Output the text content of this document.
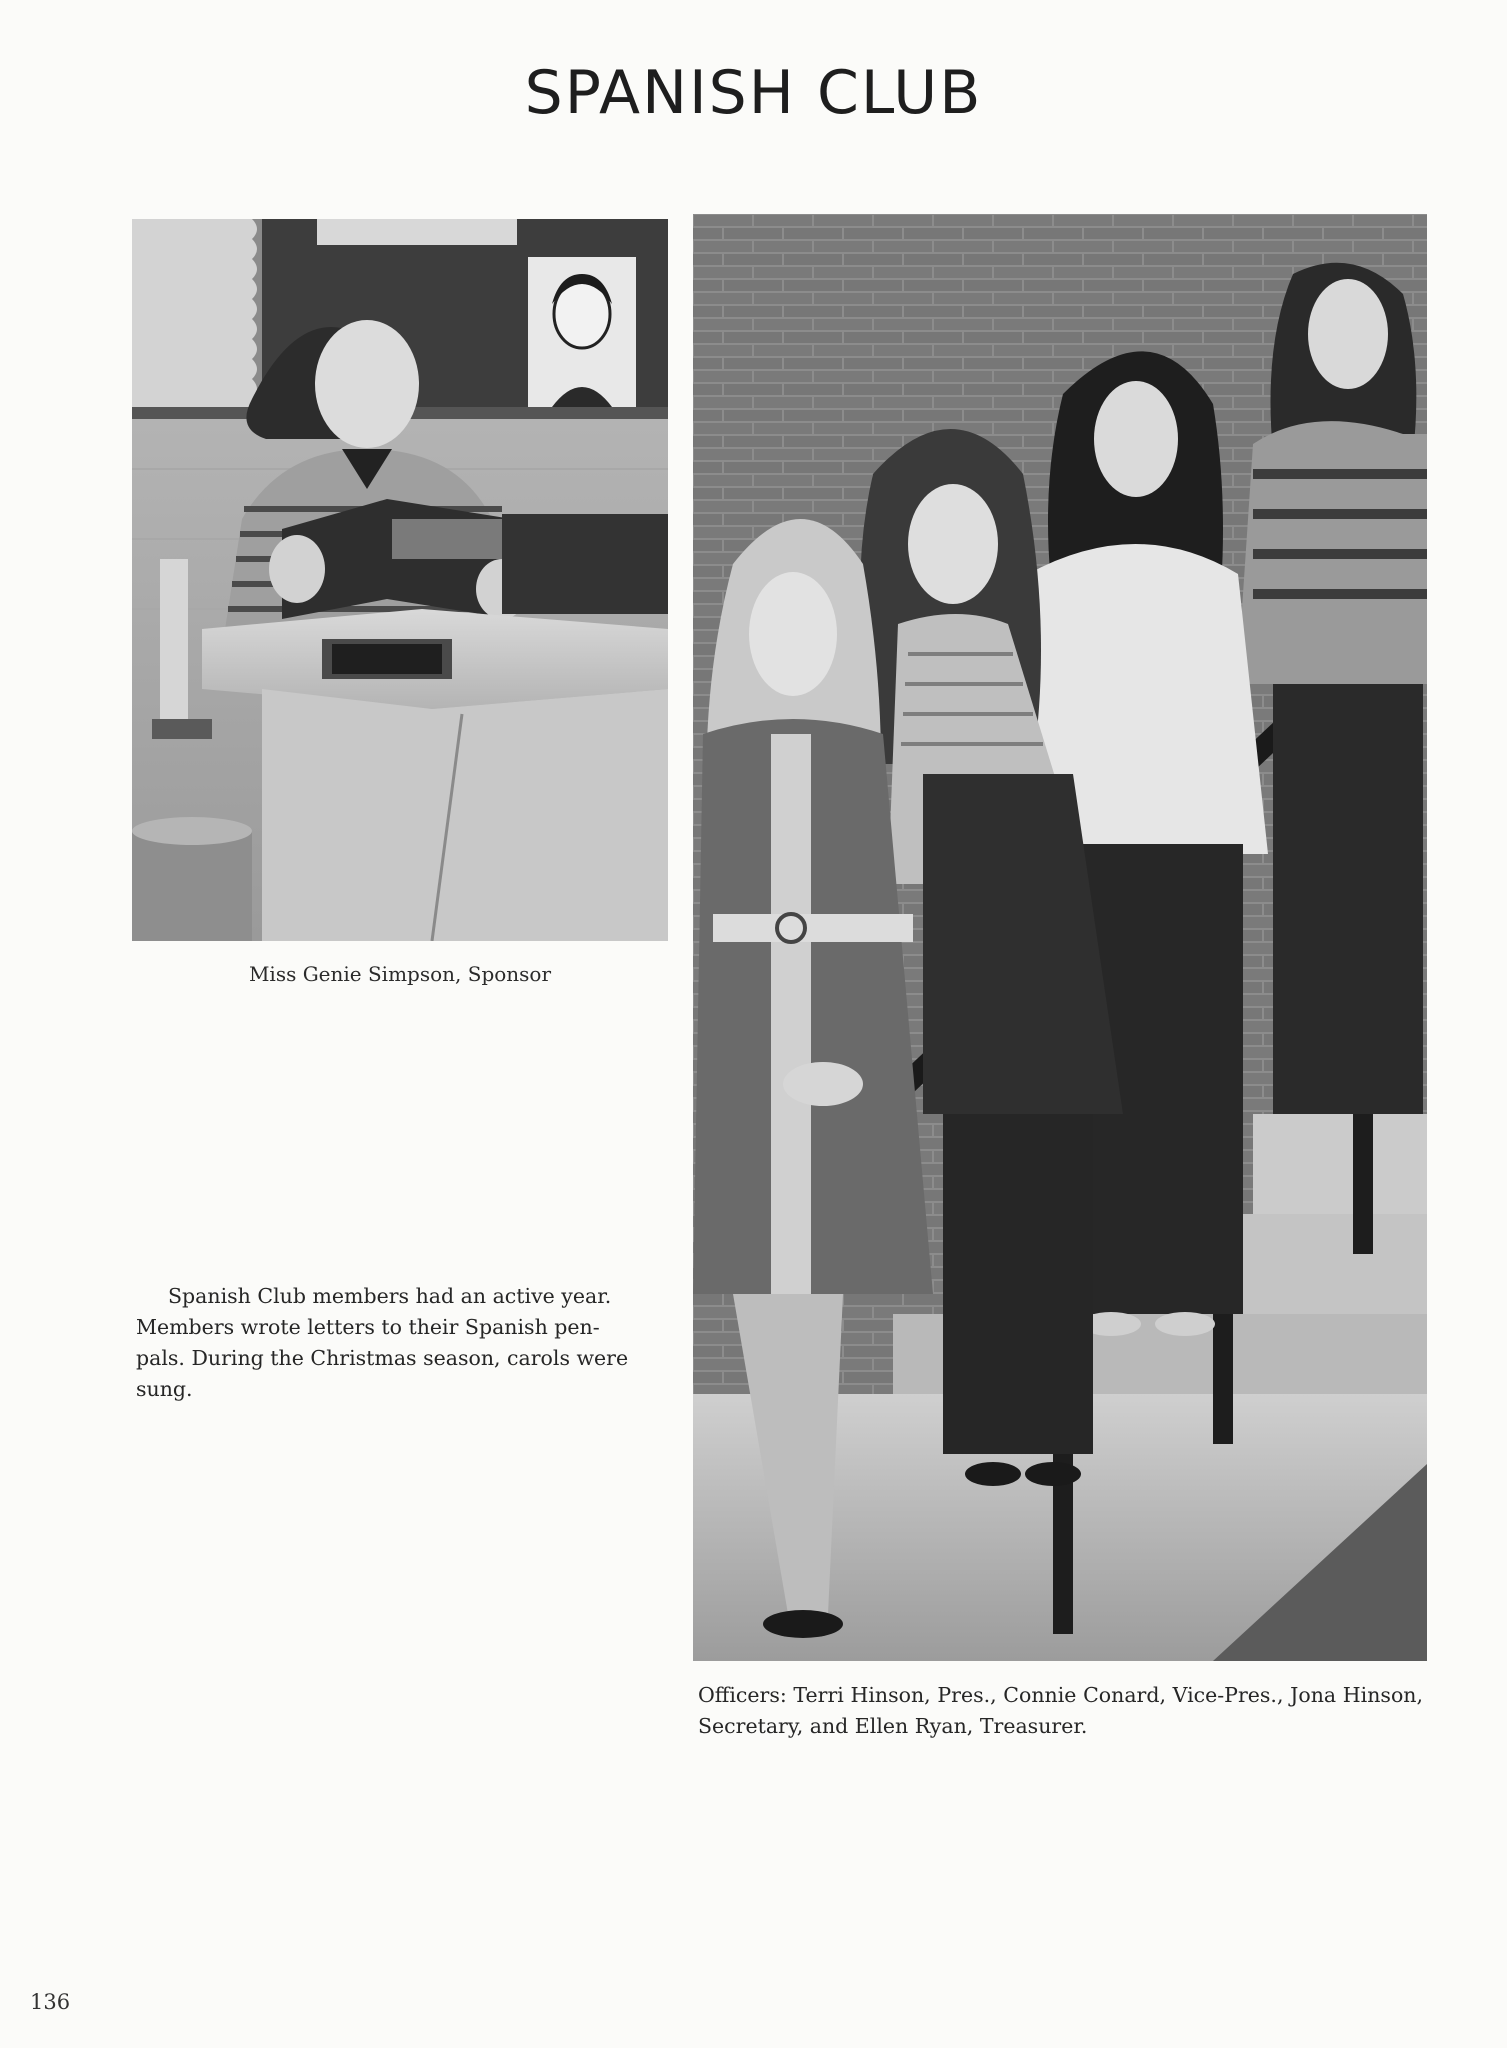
SPANISH CLUB
Miss Genie Simpson, Sponsor
Spanish Club members had an active year. Members wrote letters to their Spanish pen-pals. During the Christmas season, carols were sung.
Officers: Terri Hinson, Pres., Connie Conard, Vice-Pres., Jona Hinson, Secretary, and Ellen Ryan, Treasurer.
136
